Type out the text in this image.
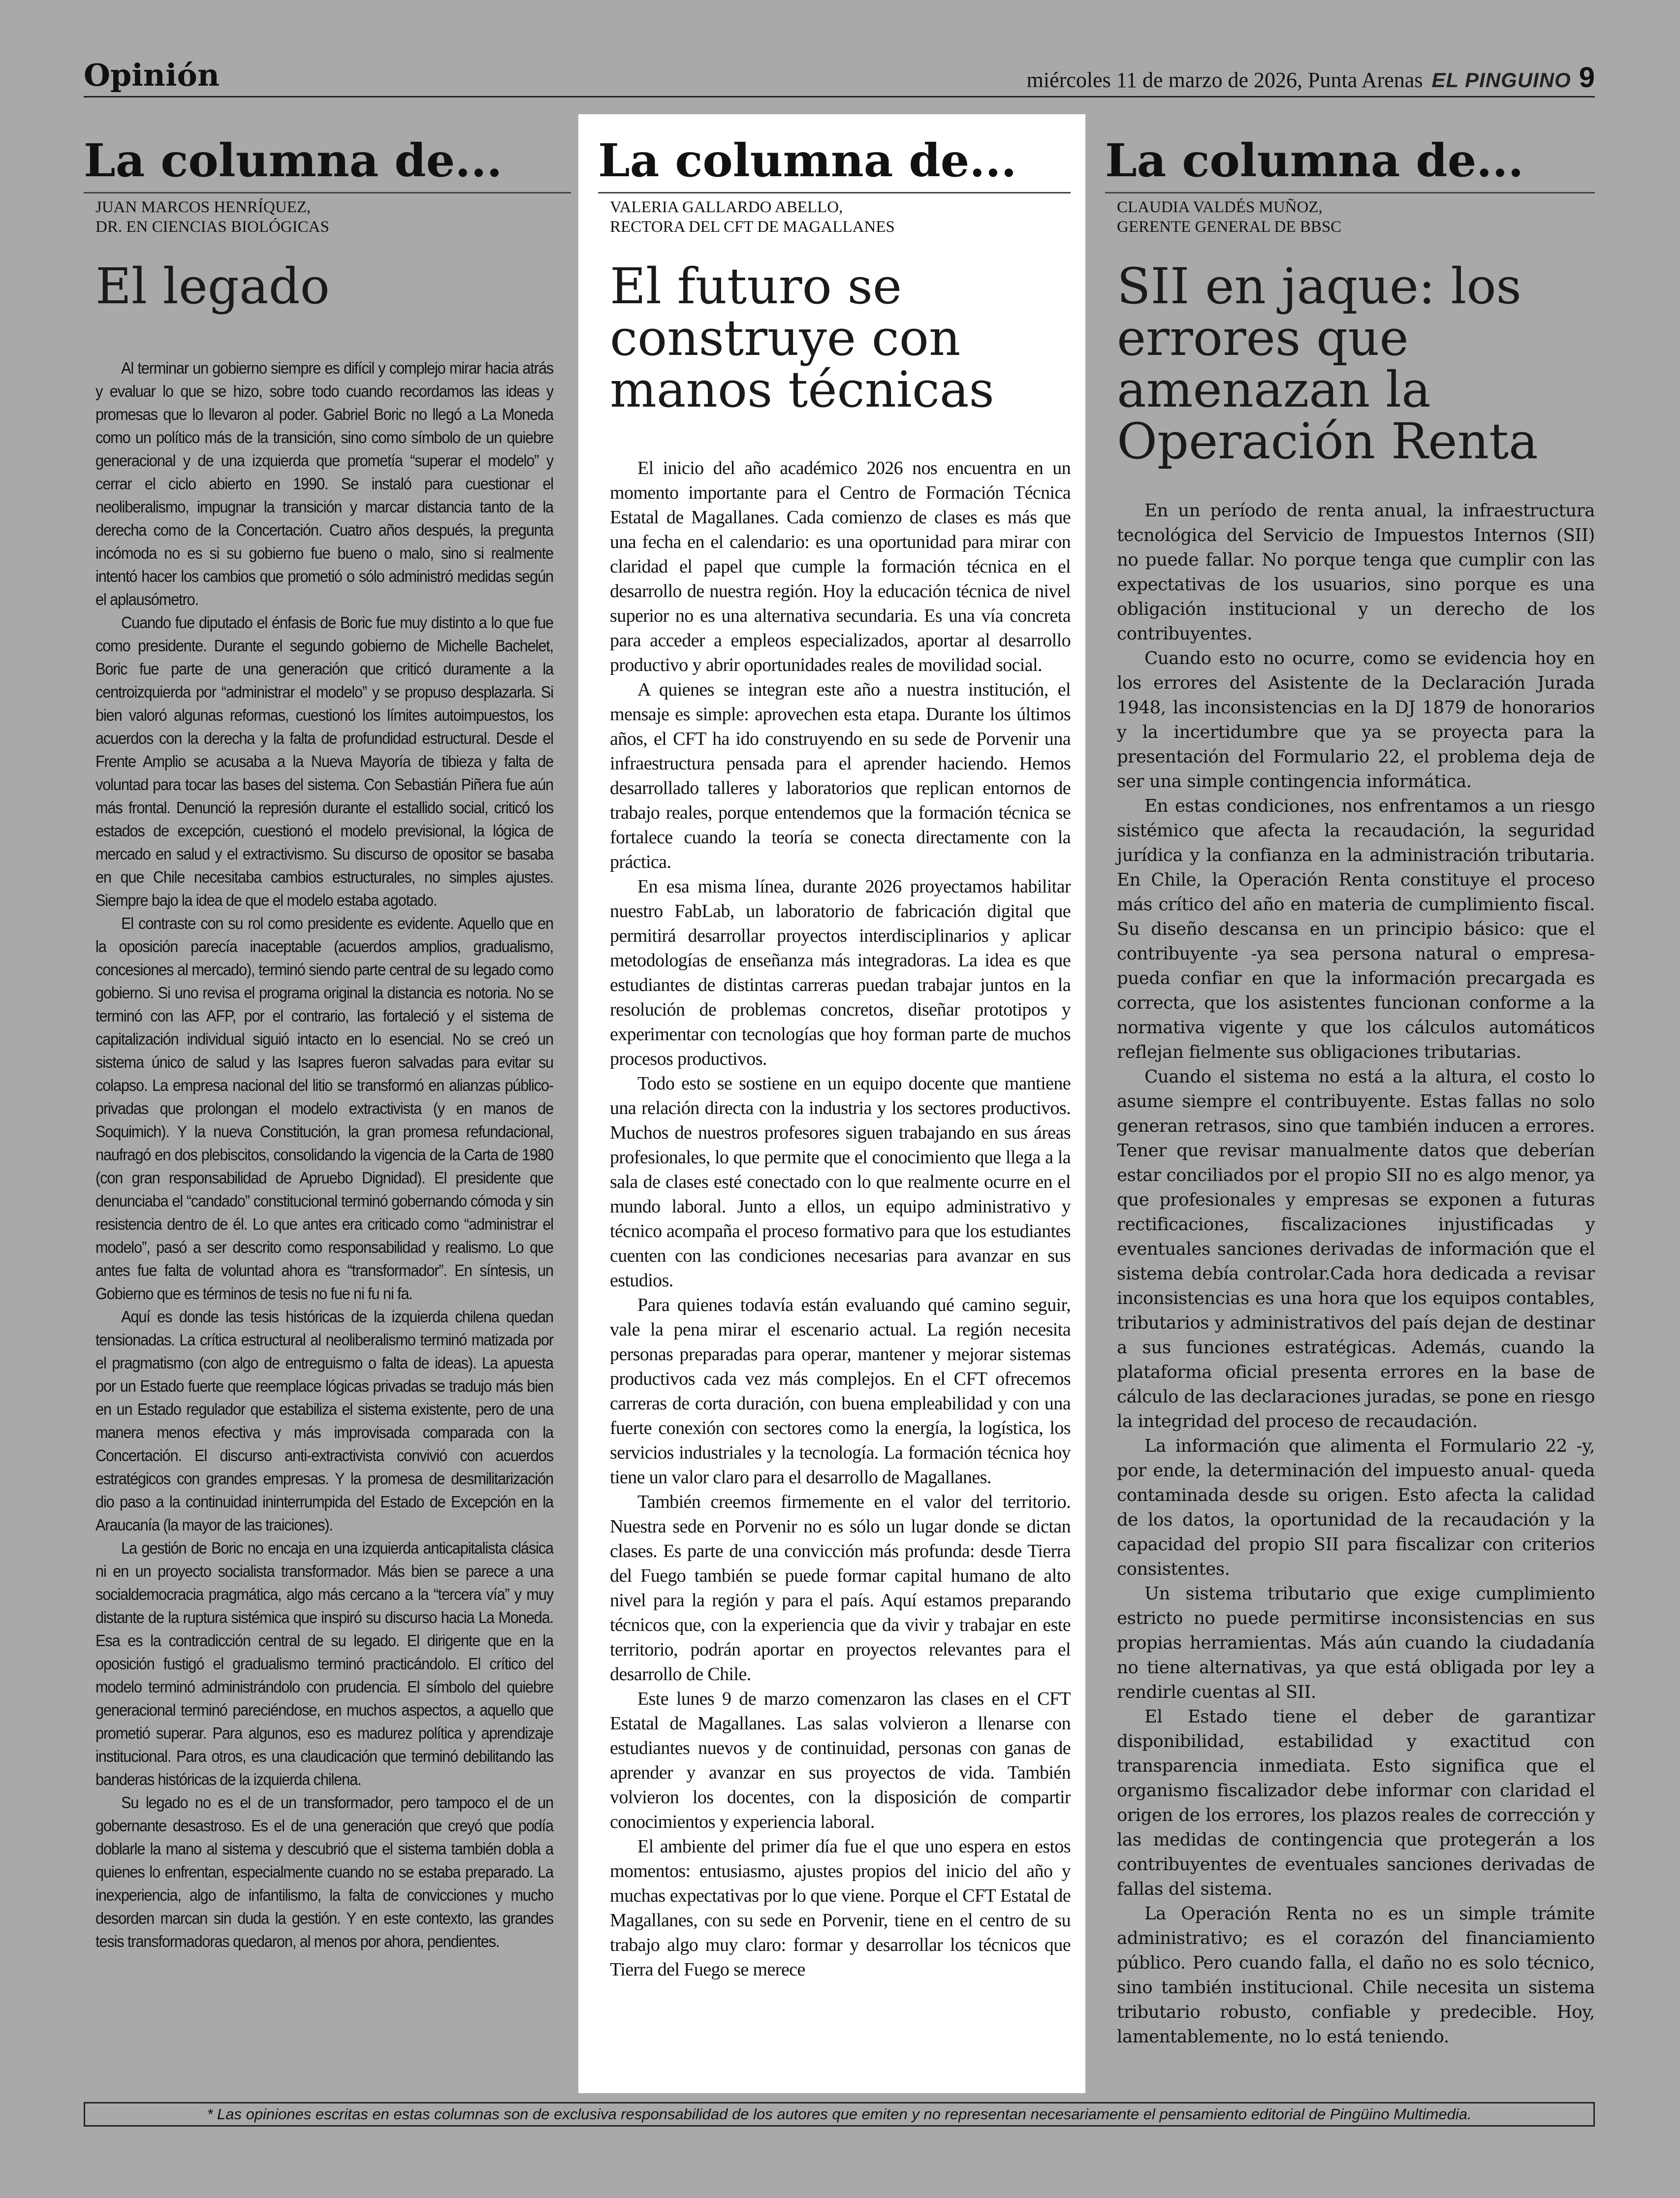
Opinión	miércoles 11 de marzo de 2026, Punta Arenas EL PINGUINO 9
La columna de...
JUAN MARCOS HENRÍQUEZ,
DR. EN CIENCIAS BIOLÓGICAS
El legado

Al terminar un gobierno siempre es difícil y complejo mirar hacia atrás y evaluar lo que se hizo, sobre todo cuando recordamos las ideas y promesas que lo llevaron al poder. Gabriel Boric no llegó a La Moneda como un político más de la transición, sino como símbolo de un quiebre generacional y de una izquierda que prometía “superar el modelo” y cerrar el ciclo abierto en 1990. Se instaló para cuestionar el neoliberalismo, impugnar la transición y marcar distancia tanto de la derecha como de la Concertación. Cuatro años después, la pregunta incómoda no es si su gobierno fue bueno o malo, sino si realmente intentó hacer los cambios que prometió o sólo administró medidas según el aplausómetro.

Cuando fue diputado el énfasis de Boric fue muy distinto a lo que fue como presidente. Durante el segundo gobierno de Michelle Bachelet, Boric fue parte de una generación que criticó duramente a la centroizquierda por “administrar el modelo” y se propuso desplazarla. Si bien valoró algunas reformas, cuestionó los límites autoimpuestos, los acuerdos con la derecha y la falta de profundidad estructural. Desde el Frente Amplio se acusaba a la Nueva Mayoría de tibieza y falta de voluntad para tocar las bases del sistema. Con Sebastián Piñera fue aún más frontal. Denunció la represión durante el estallido social, criticó los estados de excepción, cuestionó el modelo previsional, la lógica de mercado en salud y el extractivismo. Su discurso de opositor se basaba en que Chile necesitaba cambios estructurales, no simples ajustes. Siempre bajo la idea de que el modelo estaba agotado.

El contraste con su rol como presidente es evidente. Aquello que en la oposición parecía inaceptable (acuerdos amplios, gradualismo, concesiones al mercado), terminó siendo parte central de su legado como gobierno. Si uno revisa el programa original la distancia es notoria. No se terminó con las AFP, por el contrario, las fortaleció y el sistema de capitalización individual siguió intacto en lo esencial. No se creó un sistema único de salud y las Isapres fueron salvadas para evitar su colapso. La empresa nacional del litio se transformó en alianzas público-privadas que prolongan el modelo extractivista (y en manos de Soquimich). Y la nueva Constitución, la gran promesa refundacional, naufragó en dos plebiscitos, consolidando la vigencia de la Carta de 1980 (con gran responsabilidad de Apruebo Dignidad). El presidente que denunciaba el “candado” constitucional terminó gobernando cómoda y sin resistencia dentro de él. Lo que antes era criticado como “administrar el modelo”, pasó a ser descrito como responsabilidad y realismo. Lo que antes fue falta de voluntad ahora es “transformador”. En síntesis, un Gobierno que es términos de tesis no fue ni fu ni fa.

Aquí es donde las tesis históricas de la izquierda chilena quedan tensionadas. La crítica estructural al neoliberalismo terminó matizada por el pragmatismo (con algo de entreguismo o falta de ideas). La apuesta por un Estado fuerte que reemplace lógicas privadas se tradujo más bien en un Estado regulador que estabiliza el sistema existente, pero de una manera menos efectiva y más improvisada comparada con la Concertación. El discurso anti-extractivista convivió con acuerdos estratégicos con grandes empresas. Y la promesa de desmilitarización dio paso a la continuidad ininterrumpida del Estado de Excepción en la Araucanía (la mayor de las traiciones).

La gestión de Boric no encaja en una izquierda anticapitalista clásica ni en un proyecto socialista transformador. Más bien se parece a una socialdemocracia pragmática, algo más cercano a la “tercera vía” y muy distante de la ruptura sistémica que inspiró su discurso hacia La Moneda. Esa es la contradicción central de su legado. El dirigente que en la oposición fustigó el gradualismo terminó practicándolo. El crítico del modelo terminó administrándolo con prudencia. El símbolo del quiebre generacional terminó pareciéndose, en muchos aspectos, a aquello que prometió superar. Para algunos, eso es madurez política y aprendizaje institucional. Para otros, es una claudicación que terminó debilitando las banderas históricas de la izquierda chilena.

Su legado no es el de un transformador, pero tampoco el de un gobernante desastroso. Es el de una generación que creyó que podía doblarle la mano al sistema y descubrió que el sistema también dobla a quienes lo enfrentan, especialmente cuando no se estaba preparado. La inexperiencia, algo de infantilismo, la falta de convicciones y mucho desorden marcan sin duda la gestión. Y en este contexto, las grandes tesis transformadoras quedaron, al menos por ahora, pendientes.

La columna de...
VALERIA GALLARDO ABELLO,
RECTORA DEL CFT DE MAGALLANES
El futuro se construye con manos técnicas

El inicio del año académico 2026 nos encuentra en un momento importante para el Centro de Formación Técnica Estatal de Magallanes. Cada comienzo de clases es más que una fecha en el calendario: es una oportunidad para mirar con claridad el papel que cumple la formación técnica en el desarrollo de nuestra región. Hoy la educación técnica de nivel superior no es una alternativa secundaria. Es una vía concreta para acceder a empleos especializados, aportar al desarrollo productivo y abrir oportunidades reales de movilidad social.

A quienes se integran este año a nuestra institución, el mensaje es simple: aprovechen esta etapa. Durante los últimos años, el CFT ha ido construyendo en su sede de Porvenir una infraestructura pensada para el aprender haciendo. Hemos desarrollado talleres y laboratorios que replican entornos de trabajo reales, porque entendemos que la formación técnica se fortalece cuando la teoría se conecta directamente con la práctica.

En esa misma línea, durante 2026 proyectamos habilitar nuestro FabLab, un laboratorio de fabricación digital que permitirá desarrollar proyectos interdisciplinarios y aplicar metodologías de enseñanza más integradoras. La idea es que estudiantes de distintas carreras puedan trabajar juntos en la resolución de problemas concretos, diseñar prototipos y experimentar con tecnologías que hoy forman parte de muchos procesos productivos.

Todo esto se sostiene en un equipo docente que mantiene una relación directa con la industria y los sectores productivos. Muchos de nuestros profesores siguen trabajando en sus áreas profesionales, lo que permite que el conocimiento que llega a la sala de clases esté conectado con lo que realmente ocurre en el mundo laboral. Junto a ellos, un equipo administrativo y técnico acompaña el proceso formativo para que los estudiantes cuenten con las condiciones necesarias para avanzar en sus estudios.

Para quienes todavía están evaluando qué camino seguir, vale la pena mirar el escenario actual. La región necesita personas preparadas para operar, mantener y mejorar sistemas productivos cada vez más complejos. En el CFT ofrecemos carreras de corta duración, con buena empleabilidad y con una fuerte conexión con sectores como la energía, la logística, los servicios industriales y la tecnología. La formación técnica hoy tiene un valor claro para el desarrollo de Magallanes.

También creemos firmemente en el valor del territorio. Nuestra sede en Porvenir no es sólo un lugar donde se dictan clases. Es parte de una convicción más profunda: desde Tierra del Fuego también se puede formar capital humano de alto nivel para la región y para el país. Aquí estamos preparando técnicos que, con la experiencia que da vivir y trabajar en este territorio, podrán aportar en proyectos relevantes para el desarrollo de Chile.

Este lunes 9 de marzo comenzaron las clases en el CFT Estatal de Magallanes. Las salas volvieron a llenarse con estudiantes nuevos y de continuidad, personas con ganas de aprender y avanzar en sus proyectos de vida. También volvieron los docentes, con la disposición de compartir conocimientos y experiencia laboral.

El ambiente del primer día fue el que uno espera en estos momentos: entusiasmo, ajustes propios del inicio del año y muchas expectativas por lo que viene. Porque el CFT Estatal de Magallanes, con su sede en Porvenir, tiene en el centro de su trabajo algo muy claro: formar y desarrollar los técnicos que Tierra del Fuego se merece

La columna de...
CLAUDIA VALDÉS MUÑOZ,
GERENTE GENERAL DE BBSC
SII en jaque: los errores que amenazan la Operación Renta

En un período de renta anual, la infraestructura tecnológica del Servicio de Impuestos Internos (SII) no puede fallar. No porque tenga que cumplir con las expectativas de los usuarios, sino porque es una obligación institucional y un derecho de los contribuyentes.

Cuando esto no ocurre, como se evidencia hoy en los errores del Asistente de la Declaración Jurada 1948, las inconsistencias en la DJ 1879 de honorarios y la incertidumbre que ya se proyecta para la presentación del Formulario 22, el problema deja de ser una simple contingencia informática.

En estas condiciones, nos enfrentamos a un riesgo sistémico que afecta la recaudación, la seguridad jurídica y la confianza en la administración tributaria. En Chile, la Operación Renta constituye el proceso más crítico del año en materia de cumplimiento fiscal. Su diseño descansa en un principio básico: que el contribuyente -ya sea persona natural o empresa- pueda confiar en que la información precargada es correcta, que los asistentes funcionan conforme a la normativa vigente y que los cálculos automáticos reflejan fielmente sus obligaciones tributarias.

Cuando el sistema no está a la altura, el costo lo asume siempre el contribuyente. Estas fallas no solo generan retrasos, sino que también inducen a errores. Tener que revisar manualmente datos que deberían estar conciliados por el propio SII no es algo menor, ya que profesionales y empresas se exponen a futuras rectificaciones, fiscalizaciones injustificadas y eventuales sanciones derivadas de información que el sistema debía controlar.Cada hora dedicada a revisar inconsistencias es una hora que los equipos contables, tributarios y administrativos del país dejan de destinar a sus funciones estratégicas. Además, cuando la plataforma oficial presenta errores en la base de cálculo de las declaraciones juradas, se pone en riesgo la integridad del proceso de recaudación.

La información que alimenta el Formulario 22 -y, por ende, la determinación del impuesto anual- queda contaminada desde su origen. Esto afecta la calidad de los datos, la oportunidad de la recaudación y la capacidad del propio SII para fiscalizar con criterios consistentes.

Un sistema tributario que exige cumplimiento estricto no puede permitirse inconsistencias en sus propias herramientas. Más aún cuando la ciudadanía no tiene alternativas, ya que está obligada por ley a rendirle cuentas al SII.

El Estado tiene el deber de garantizar disponibilidad, estabilidad y exactitud con transparencia inmediata. Esto significa que el organismo fiscalizador debe informar con claridad el origen de los errores, los plazos reales de corrección y las medidas de contingencia que protegerán a los contribuyentes de eventuales sanciones derivadas de fallas del sistema.

La Operación Renta no es un simple trámite administrativo; es el corazón del financiamiento público. Pero cuando falla, el daño no es solo técnico, sino también institucional. Chile necesita un sistema tributario robusto, confiable y predecible. Hoy, lamentablemente, no lo está teniendo.

* Las opiniones escritas en estas columnas son de exclusiva responsabilidad de los autores que emiten y no representan necesariamente el pensamiento editorial de Pingüino Multimedia.
